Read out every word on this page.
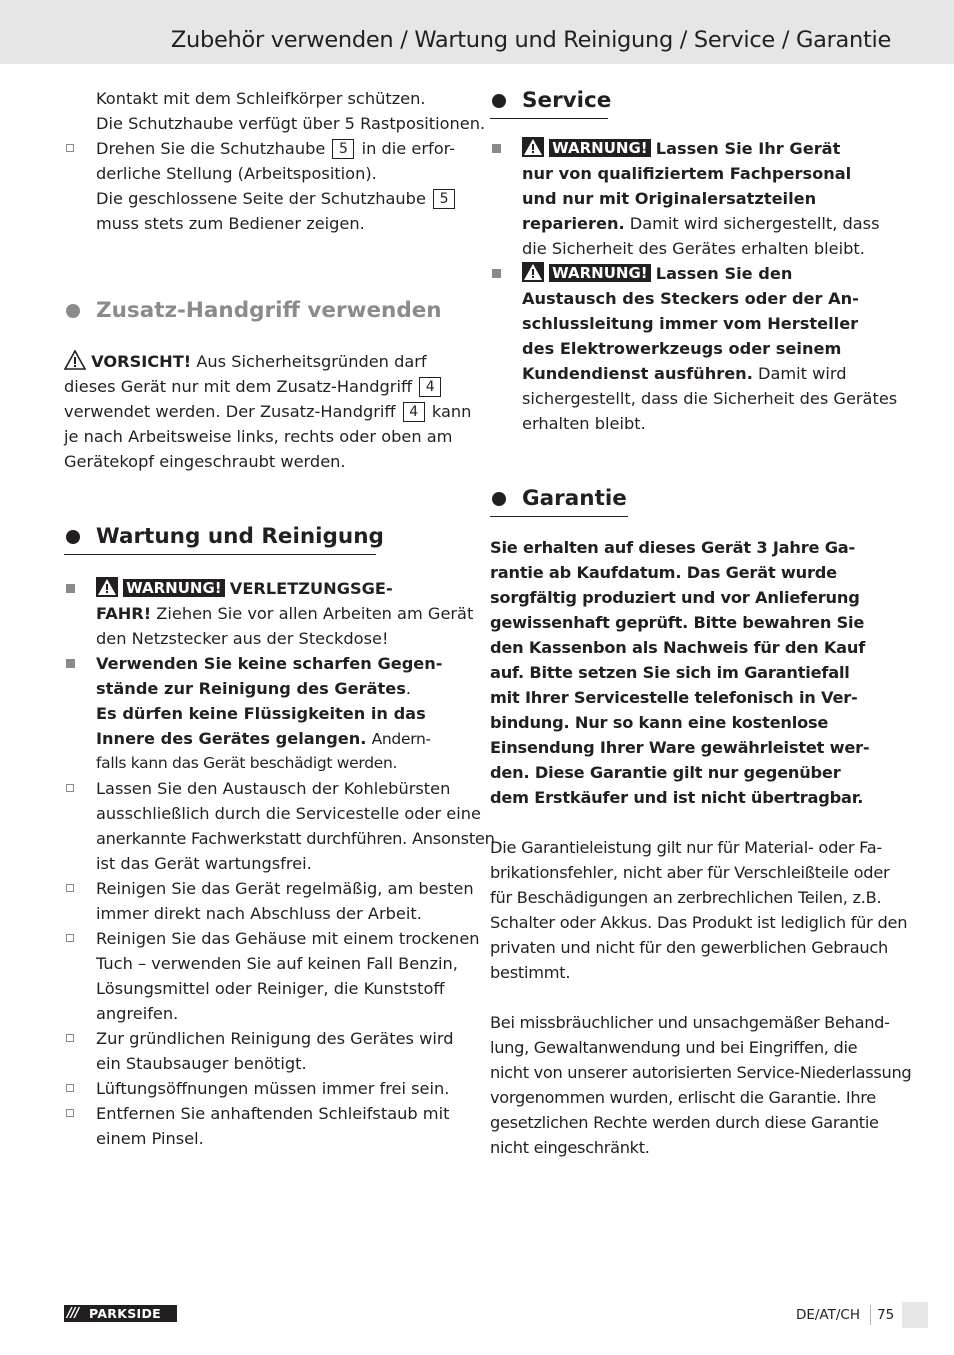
Zubehör verwenden / Wartung und Reinigung / Service / Garantie
Kontakt mit dem Schleifkörper schützen.
Die Schutzhaube verfügt über 5 Rastpositionen.
Drehen Sie die Schutzhaube 5 in die erfor-
derliche Stellung (Arbeitsposition).
Die geschlossene Seite der Schutzhaube 5
muss stets zum Bediener zeigen.
Zusatz-Handgriff verwenden
VORSICHT! Aus Sicherheitsgründen darf
dieses Gerät nur mit dem Zusatz-Handgriff 4
verwendet werden. Der Zusatz-Handgriff 4 kann
je nach Arbeitsweise links, rechts oder oben am
Gerätekopf eingeschraubt werden.
Wartung und Reinigung
WARNUNG! VERLETZUNGSGE-
FAHR! Ziehen Sie vor allen Arbeiten am Gerät
den Netzstecker aus der Steckdose!
Verwenden Sie keine scharfen Gegen-
stände zur Reinigung des Gerätes.
Es dürfen keine Flüssigkeiten in das
Innere des Gerätes gelangen. Andern-
falls kann das Gerät beschädigt werden.
Lassen Sie den Austausch der Kohlebürsten
ausschließlich durch die Servicestelle oder eine
anerkannte Fachwerkstatt durchführen. Ansonsten
ist das Gerät wartungsfrei.
Reinigen Sie das Gerät regelmäßig, am besten
immer direkt nach Abschluss der Arbeit.
Reinigen Sie das Gehäuse mit einem trockenen
Tuch – verwenden Sie auf keinen Fall Benzin,
Lösungsmittel oder Reiniger, die Kunststoff
angreifen.
Zur gründlichen Reinigung des Gerätes wird
ein Staubsauger benötigt.
Lüftungsöffnungen müssen immer frei sein.
Entfernen Sie anhaftenden Schleifstaub mit
einem Pinsel.
Service
WARNUNG! Lassen Sie Ihr Gerät
nur von qualifiziertem Fachpersonal
und nur mit Originalersatzteilen
reparieren. Damit wird sichergestellt, dass
die Sicherheit des Gerätes erhalten bleibt.
WARNUNG! Lassen Sie den
Austausch des Steckers oder der An-
schlussleitung immer vom Hersteller
des Elektrowerkzeugs oder seinem
Kundendienst ausführen. Damit wird
sichergestellt, dass die Sicherheit des Gerätes
erhalten bleibt.
Garantie
Sie erhalten auf dieses Gerät 3 Jahre Ga-
rantie ab Kaufdatum. Das Gerät wurde
sorgfältig produziert und vor Anlieferung
gewissenhaft geprüft. Bitte bewahren Sie
den Kassenbon als Nachweis für den Kauf
auf. Bitte setzen Sie sich im Garantiefall
mit Ihrer Servicestelle telefonisch in Ver-
bindung. Nur so kann eine kostenlose
Einsendung Ihrer Ware gewährleistet wer-
den. Diese Garantie gilt nur gegenüber
dem Erstkäufer und ist nicht übertragbar.
Die Garantieleistung gilt nur für Material- oder Fa-
brikationsfehler, nicht aber für Verschleißteile oder
für Beschädigungen an zerbrechlichen Teilen, z.B.
Schalter oder Akkus. Das Produkt ist lediglich für den
privaten und nicht für den gewerblichen Gebrauch
bestimmt.
Bei missbräuchlicher und unsachgemäßer Behand-
lung, Gewaltanwendung und bei Eingriffen, die
nicht von unserer autorisierten Service-Niederlassung
vorgenommen wurden, erlischt die Garantie. Ihre
gesetzlichen Rechte werden durch diese Garantie
nicht eingeschränkt.
/// PARKSIDE	DE/AT/CH 75
